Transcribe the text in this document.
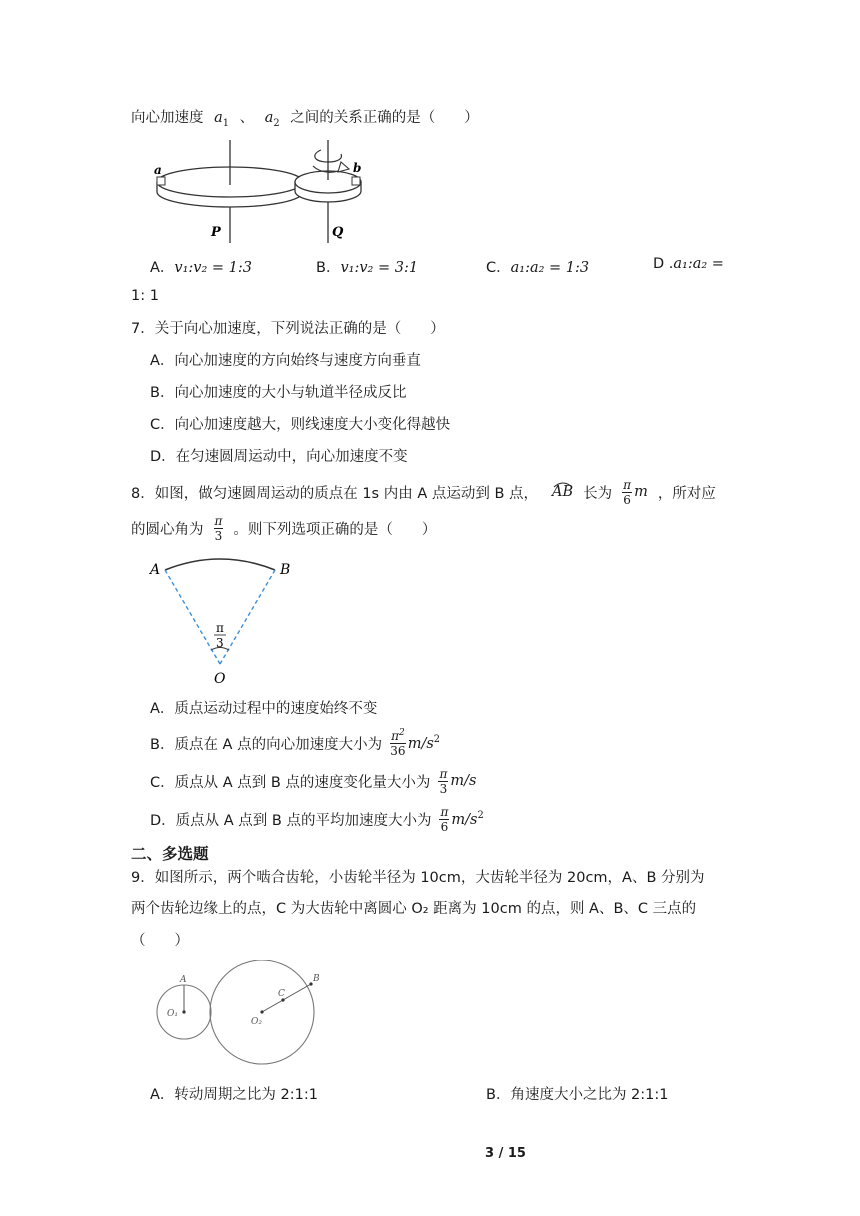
向心加速度 $a_1$ 、 $a_2$ 之间的关系正确的是（　　）
a	b
P	Q
A．v₁:v₂ = 1:3	B．v₁:v₂ = 3:1	C．a₁:a₂ = 1:3	D .a₁:a₂ =
1: 1
7．关于向心加速度，下列说法正确的是（　　）
A．向心加速度的方向始终与速度方向垂直
B．向心加速度的大小与轨道半径成反比
C．向心加速度越大，则线速度大小变化得越快
D．在匀速圆周运动中，向心加速度不变
8．如图，做匀速圆周运动的质点在 1s 内由 A 点运动到 B 点， AB 长为 $\frac{\pi}{6}$ m ，所对应
的圆心角为 $\frac{\pi}{3}$ 。则下列选项正确的是（　　）
A	B
O
π
3
A．质点运动过程中的速度始终不变
B．质点在 A 点的向心加速度大小为 $\frac{\pi^2}{36} m/s^2$
C．质点从 A 点到 B 点的速度变化量大小为 $\frac{\pi}{3} m/s$
D．质点从 A 点到 B 点的平均加速度大小为 $\frac{\pi}{6} m/s^2$
二、多选题
9．如图所示，两个啮合齿轮，小齿轮半径为 10cm，大齿轮半径为 20cm，A、B 分别为
两个齿轮边缘上的点，C 为大齿轮中离圆心 O₂ 距离为 10cm 的点，则 A、B、C 三点的
（　　）
A	B
C
O₁
O₂
A．转动周期之比为 2:1:1	B．角速度大小之比为 2:1:1
3 / 15
